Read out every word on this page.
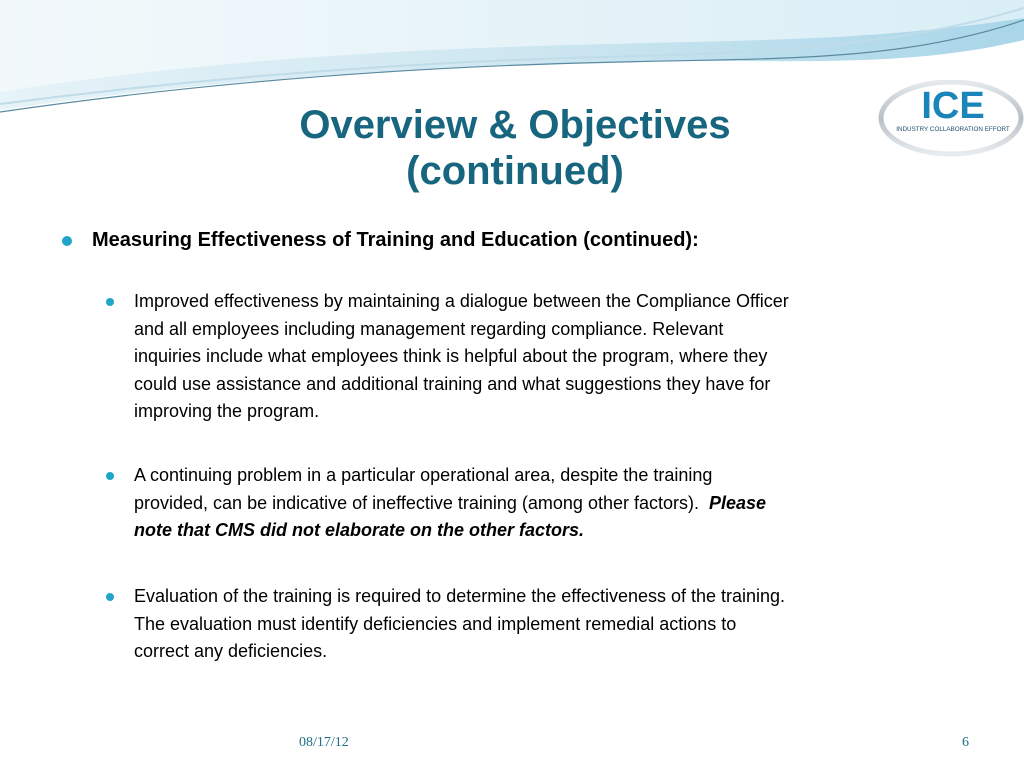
ICE
INDUSTRY COLLABORATION EFFORT
Overview & Objectives
(continued)
Measuring Effectiveness of Training and Education (continued):
Improved effectiveness by maintaining a dialogue between the Compliance Officer
and all employees including management regarding compliance. Relevant
inquiries include what employees think is helpful about the program, where they
could use assistance and additional training and what suggestions they have for
improving the program.
A continuing problem in a particular operational area, despite the training
provided, can be indicative of ineffective training (among other factors). Please
note that CMS did not elaborate on the other factors.
Evaluation of the training is required to determine the effectiveness of the training.
The evaluation must identify deficiencies and implement remedial actions to
correct any deficiencies.
08/17/12	6
